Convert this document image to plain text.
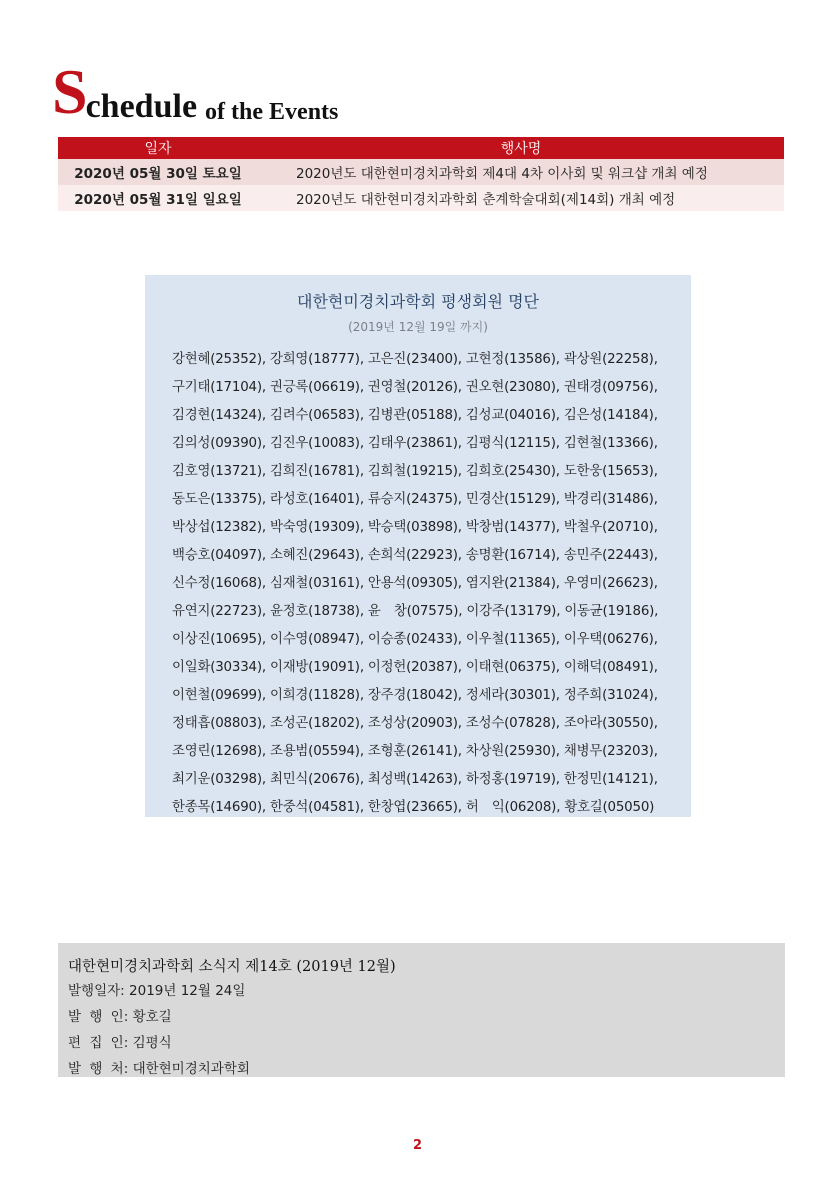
Schedule of the Events
일자	행사명
2020년 05월 30일 토요일	2020년도 대한현미경치과학회 제4대 4차 이사회 및 워크샵 개최 예정
2020년 05월 31일 일요일	2020년도 대한현미경치과학회 춘계학술대회(제14회) 개최 예정
대한현미경치과학회 평생회원 명단
(2019년 12월 19일 까지)
강현혜(25352), 강희영(18777), 고은진(23400), 고현정(13586), 곽상원(22258),
구기태(17104), 권긍록(06619), 권영철(20126), 권오현(23080), 권태경(09756),
김경현(14324), 김려수(06583), 김병관(05188), 김성교(04016), 김은성(14184),
김의성(09390), 김진우(10083), 김태우(23861), 김평식(12115), 김현철(13366),
김호영(13721), 김희진(16781), 김희철(19215), 김희호(25430), 도한웅(15653),
동도은(13375), 라성호(16401), 류승지(24375), 민경산(15129), 박경리(31486),
박상섭(12382), 박숙영(19309), 박승택(03898), 박창범(14377), 박철우(20710),
백승호(04097), 소혜진(29643), 손희석(22923), 송명환(16714), 송민주(22443),
신수정(16068), 심재철(03161), 안용석(09305), 염지완(21384), 우영미(26623),
유연지(22723), 윤정호(18738), 윤　창(07575), 이강주(13179), 이동균(19186),
이상진(10695), 이수영(08947), 이승종(02433), 이우철(11365), 이우택(06276),
이일화(30334), 이재방(19091), 이정헌(20387), 이태현(06375), 이해덕(08491),
이현철(09699), 이희경(11828), 장주경(18042), 정세라(30301), 정주희(31024),
정태흡(08803), 조성곤(18202), 조성상(20903), 조성수(07828), 조아라(30550),
조영린(12698), 조용범(05594), 조형훈(26141), 차상원(25930), 채병무(23203),
최기운(03298), 최민식(20676), 최성백(14263), 하정홍(19719), 한정민(14121),
한종목(14690), 한중석(04581), 한창엽(23665), 허　익(06208), 황호길(05050)
대한현미경치과학회 소식지 제14호 (2019년 12월)
발행일자: 2019년 12월 24일
발 행 인: 황호길
편 집 인: 김평식
발 행 처: 대한현미경치과학회
2
